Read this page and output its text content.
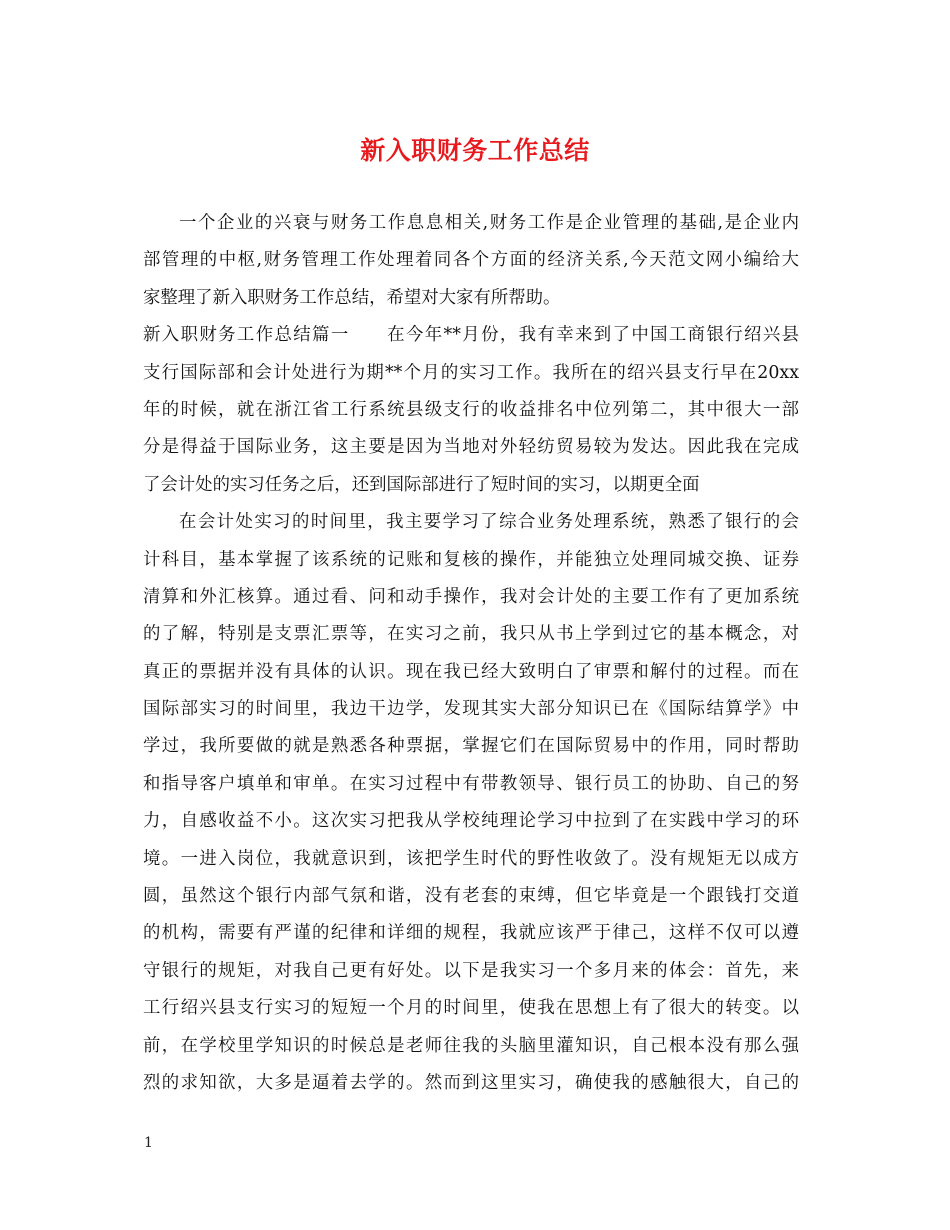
新入职财务工作总结
一个企业的兴衰与财务工作息息相关,财务工作是企业管理的基础,是企业内
部管理的中枢,财务管理工作处理着同各个方面的经济关系,今天范文网小编给大
家整理了新入职财务工作总结，希望对大家有所帮助。
新入职财务工作总结篇一　　在今年**月份，我有幸来到了中国工商银行绍兴县
支行国际部和会计处进行为期**个月的实习工作。我所在的绍兴县支行早在20xx
年的时候，就在浙江省工行系统县级支行的收益排名中位列第二，其中很大一部
分是得益于国际业务，这主要是因为当地对外轻纺贸易较为发达。因此我在完成
了会计处的实习任务之后，还到国际部进行了短时间的实习，以期更全面
在会计处实习的时间里，我主要学习了综合业务处理系统，熟悉了银行的会
计科目，基本掌握了该系统的记账和复核的操作，并能独立处理同城交换、证券
清算和外汇核算。通过看、问和动手操作，我对会计处的主要工作有了更加系统
的了解，特别是支票汇票等，在实习之前，我只从书上学到过它的基本概念，对
真正的票据并没有具体的认识。现在我已经大致明白了审票和解付的过程。而在
国际部实习的时间里，我边干边学，发现其实大部分知识已在《国际结算学》中
学过，我所要做的就是熟悉各种票据，掌握它们在国际贸易中的作用，同时帮助
和指导客户填单和审单。在实习过程中有带教领导、银行员工的协助、自己的努
力，自感收益不小。这次实习把我从学校纯理论学习中拉到了在实践中学习的环
境。一进入岗位，我就意识到，该把学生时代的野性收敛了。没有规矩无以成方
圆，虽然这个银行内部气氛和谐，没有老套的束缚，但它毕竟是一个跟钱打交道
的机构，需要有严谨的纪律和详细的规程，我就应该严于律己，这样不仅可以遵
守银行的规矩，对我自己更有好处。以下是我实习一个多月来的体会：首先，来
工行绍兴县支行实习的短短一个月的时间里，使我在思想上有了很大的转变。以
前，在学校里学知识的时候总是老师往我的头脑里灌知识，自己根本没有那么强
烈的求知欲，大多是逼着去学的。然而到这里实习，确使我的感触很大，自己的
1
